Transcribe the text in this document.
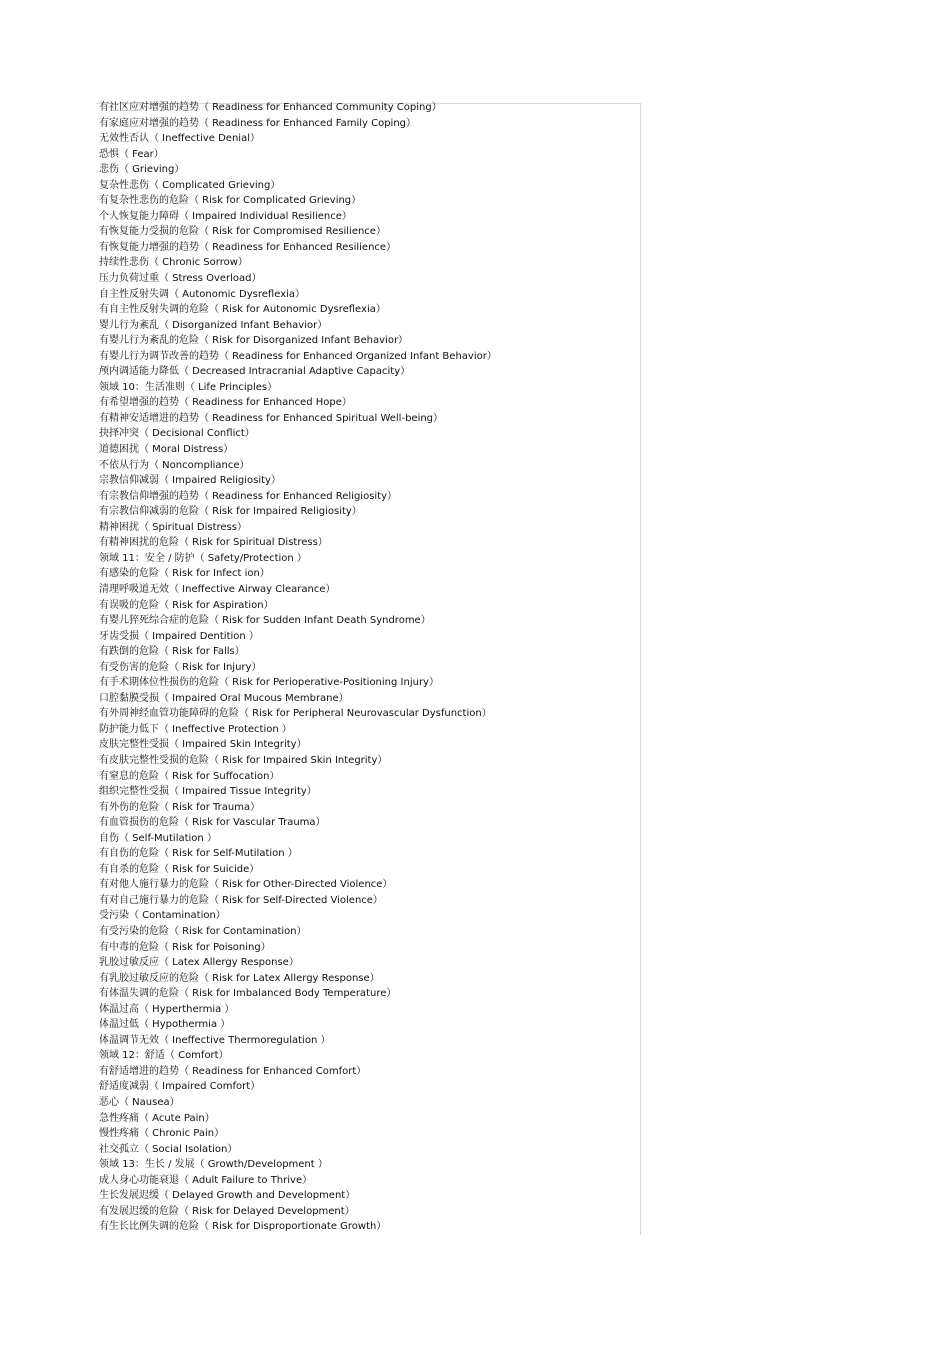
有社区应对增强的趋势（ Readiness for Enhanced Community Coping）
有家庭应对增强的趋势（ Readiness for Enhanced Family Coping）
无效性否认（ Ineffective Denial）
恐惧（ Fear）
悲伤（ Grieving）
复杂性悲伤（ Complicated Grieving）
有复杂性悲伤的危险（ Risk for Complicated Grieving）
个人恢复能力障碍（ Impaired Individual Resilience）
有恢复能力受损的危险（ Risk for Compromised Resilience）
有恢复能力增强的趋势（ Readiness for Enhanced Resilience）
持续性悲伤（ Chronic Sorrow）
压力负荷过重（ Stress Overload）
自主性反射失调（ Autonomic Dysreflexia）
有自主性反射失调的危险（ Risk for Autonomic Dysreflexia）
婴儿行为紊乱（ Disorganized Infant Behavior）
有婴儿行为紊乱的危险（ Risk for Disorganized Infant Behavior）
有婴儿行为调节改善的趋势（ Readiness for Enhanced Organized Infant Behavior）
颅内调适能力降低（ Decreased Intracranial Adaptive Capacity）
领域 10：生活准则（ Life Principles）
有希望增强的趋势（ Readiness for Enhanced Hope）
有精神安适增进的趋势（ Readiness for Enhanced Spiritual Well-being）
抉择冲突（ Decisional Conflict）
道德困扰（ Moral Distress）
不依从行为（ Noncompliance）
宗教信仰减弱（ Impaired Religiosity）
有宗教信仰增强的趋势（ Readiness for Enhanced Religiosity）
有宗教信仰减弱的危险（ Risk for Impaired Religiosity）
精神困扰（ Spiritual Distress）
有精神困扰的危险（ Risk for Spiritual Distress）
领域 11：安全 / 防护（ Safety/Protection ）
有感染的危险（ Risk for Infect ion）
清理呼吸道无效（ Ineffective Airway Clearance）
有误吸的危险（ Risk for Aspiration）
有婴儿猝死综合症的危险（ Risk for Sudden Infant Death Syndrome）
牙齿受损（ Impaired Dentition ）
有跌倒的危险（ Risk for Falls）
有受伤害的危险（ Risk for Injury）
有手术期体位性损伤的危险（ Risk for Perioperative-Positioning Injury）
口腔黏膜受损（ Impaired Oral Mucous Membrane）
有外周神经血管功能障碍的危险（ Risk for Peripheral Neurovascular Dysfunction）
防护能力低下（ Ineffective Protection ）
皮肤完整性受损（ Impaired Skin Integrity）
有皮肤完整性受损的危险（ Risk for Impaired Skin Integrity）
有窒息的危险（ Risk for Suffocation）
组织完整性受损（ Impaired Tissue Integrity）
有外伤的危险（ Risk for Trauma）
有血管损伤的危险（ Risk for Vascular Trauma）
自伤（ Self-Mutilation ）
有自伤的危险（ Risk for Self-Mutilation ）
有自杀的危险（ Risk for Suicide）
有对他人施行暴力的危险（ Risk for Other-Directed Violence）
有对自己施行暴力的危险（ Risk for Self-Directed Violence）
受污染（ Contamination）
有受污染的危险（ Risk for Contamination）
有中毒的危险（ Risk for Poisoning）
乳胶过敏反应（ Latex Allergy Response）
有乳胶过敏反应的危险（ Risk for Latex Allergy Response）
有体温失调的危险（ Risk for Imbalanced Body Temperature）
体温过高（ Hyperthermia ）
体温过低（ Hypothermia ）
体温调节无效（ Ineffective Thermoregulation ）
领域 12：舒适（ Comfort）
有舒适增进的趋势（ Readiness for Enhanced Comfort）
舒适度减弱（ Impaired Comfort）
恶心（ Nausea）
急性疼痛（ Acute Pain）
慢性疼痛（ Chronic Pain）
社交孤立（ Social Isolation）
领域 13：生长 / 发展（ Growth/Development ）
成人身心功能衰退（ Adult Failure to Thrive）
生长发展迟缓（ Delayed Growth and Development）
有发展迟缓的危险（ Risk for Delayed Development）
有生长比例失调的危险（ Risk for Disproportionate Growth）
